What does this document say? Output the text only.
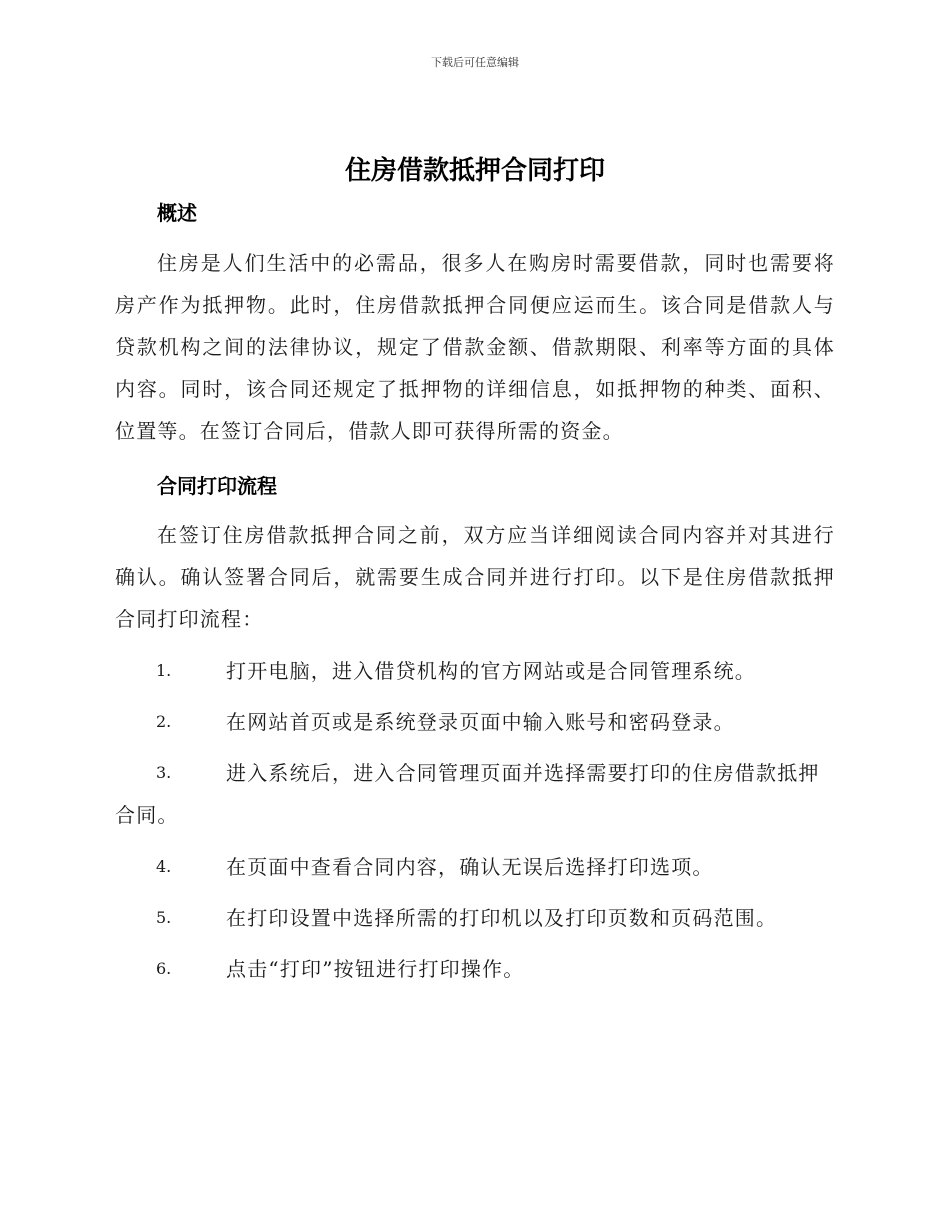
下载后可任意编辑
住房借款抵押合同打印
概述
住房是人们生活中的必需品，很多人在购房时需要借款，同时也需要将房产作为抵押物。此时，住房借款抵押合同便应运而生。该合同是借款人与贷款机构之间的法律协议，规定了借款金额、借款期限、利率等方面的具体内容。同时，该合同还规定了抵押物的详细信息，如抵押物的种类、面积、位置等。在签订合同后，借款人即可获得所需的资金。
合同打印流程
在签订住房借款抵押合同之前，双方应当详细阅读合同内容并对其进行确认。确认签署合同后，就需要生成合同并进行打印。以下是住房借款抵押合同打印流程：
1.	打开电脑，进入借贷机构的官方网站或是合同管理系统。
2.	在网站首页或是系统登录页面中输入账号和密码登录。
3.	进入系统后，进入合同管理页面并选择需要打印的住房借款抵押合同。
4.	在页面中查看合同内容，确认无误后选择打印选项。
5.	在打印设置中选择所需的打印机以及打印页数和页码范围。
6.	点击“打印”按钮进行打印操作。
